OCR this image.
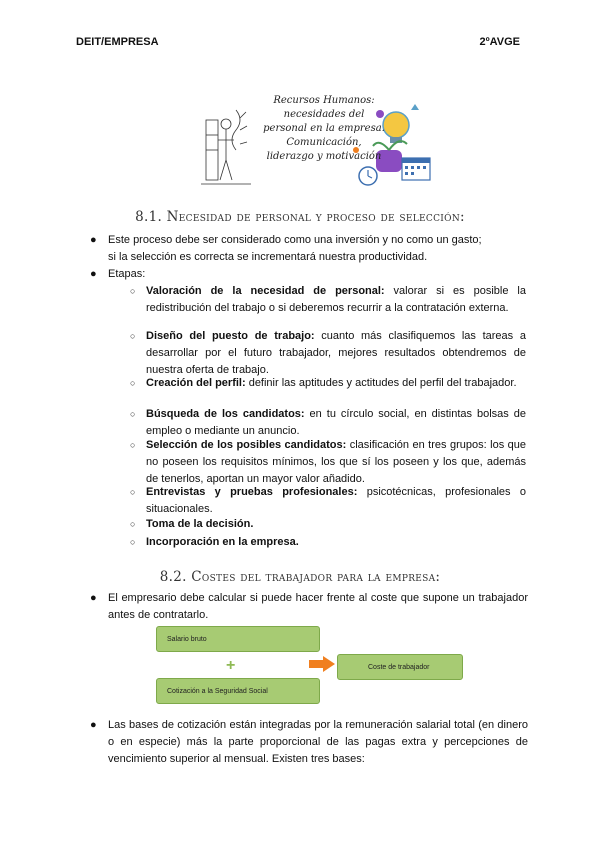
DEIT/EMPRESA	2ºAVGE
Recursos Humanos:
necesidades del
personal en la empresa.
Comunicación,
liderazgo y motivación
8.1. Necesidad de personal y proceso de selección:
● Este proceso debe ser considerado como una inversión y no como un gasto;
si la selección es correcta se incrementará nuestra productividad.
● Etapas:
○ Valoración de la necesidad de personal: valorar si es posible la redistribución del trabajo o si deberemos recurrir a la contratación externa.
○ Diseño del puesto de trabajo: cuanto más clasifiquemos las tareas a desarrollar por el futuro trabajador, mejores resultados obtendremos de nuestra oferta de trabajo.
○ Creación del perfil: definir las aptitudes y actitudes del perfil del trabajador.
○ Búsqueda de los candidatos: en tu círculo social, en distintas bolsas de empleo o mediante un anuncio.
○ Selección de los posibles candidatos: clasificación en tres grupos: los que no poseen los requisitos mínimos, los que sí los poseen y los que, además de tenerlos, aportan un mayor valor añadido.
○ Entrevistas y pruebas profesionales: psicotécnicas, profesionales o situacionales.
○ Toma de la decisión.
○ Incorporación en la empresa.
8.2. Costes del trabajador para la empresa:
● El empresario debe calcular si puede hacer frente al coste que supone un trabajador antes de contratarlo.
Salario bruto
+
Cotización a la Seguridad Social
Coste de trabajador
● Las bases de cotización están integradas por la remuneración salarial total (en dinero o en especie) más la parte proporcional de las pagas extra y percepciones de vencimiento superior al mensual. Existen tres bases:
